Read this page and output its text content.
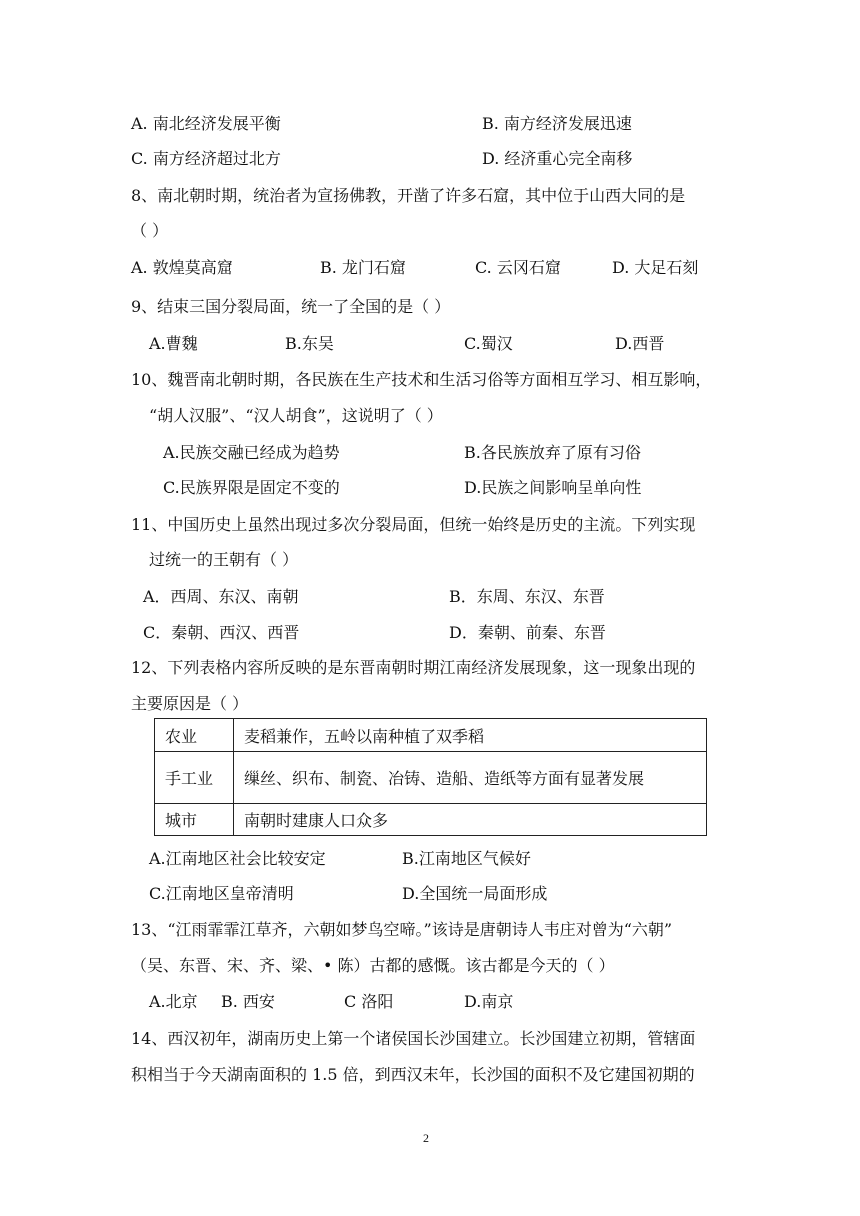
A. 南北经济发展平衡	B. 南方经济发展迅速
C. 南方经济超过北方	D. 经济重心完全南移
8、南北朝时期，统治者为宣扬佛教，开凿了许多石窟，其中位于山西大同的是
（ ）
A. 敦煌莫高窟	B. 龙门石窟	C. 云冈石窟	D. 大足石刻
9、结束三国分裂局面，统一了全国的是（ ）
A.曹魏	B.东吴	C.蜀汉	D.西晋
10、魏晋南北朝时期，各民族在生产技术和生活习俗等方面相互学习、相互影响，
“胡人汉服”、“汉人胡食”，这说明了（ ）
A.民族交融已经成为趋势	B.各民族放弃了原有习俗
C.民族界限是固定不变的	D.民族之间影响呈单向性
11、中国历史上虽然出现过多次分裂局面，但统一始终是历史的主流。下列实现
过统一的王朝有（ ）
A．西周、东汉、南朝	B．东周、东汉、东晋
C．秦朝、西汉、西晋	D．秦朝、前秦、东晋
12、下列表格内容所反映的是东晋南朝时期江南经济发展现象，这一现象出现的
主要原因是（ ）
农业	麦稻兼作，五岭以南种植了双季稻
手工业	缫丝、织布、制瓷、冶铸、造船、造纸等方面有显著发展
城市	南朝时建康人口众多
A.江南地区社会比较安定	B.江南地区气候好
C.江南地区皇帝清明	D.全国统一局面形成
13、“江雨霏霏江草齐，六朝如梦鸟空啼。”该诗是唐朝诗人韦庄对曾为“六朝”
（吴、东晋、宋、齐、梁、• 陈）古都的感慨。该古都是今天的（ ）
A.北京 B. 西安	C 洛阳	D.南京
14、西汉初年，湖南历史上第一个诸侯国长沙国建立。长沙国建立初期，管辖面
积相当于今天湖南面积的 1.5 倍，到西汉末年，长沙国的面积不及它建国初期的
2
